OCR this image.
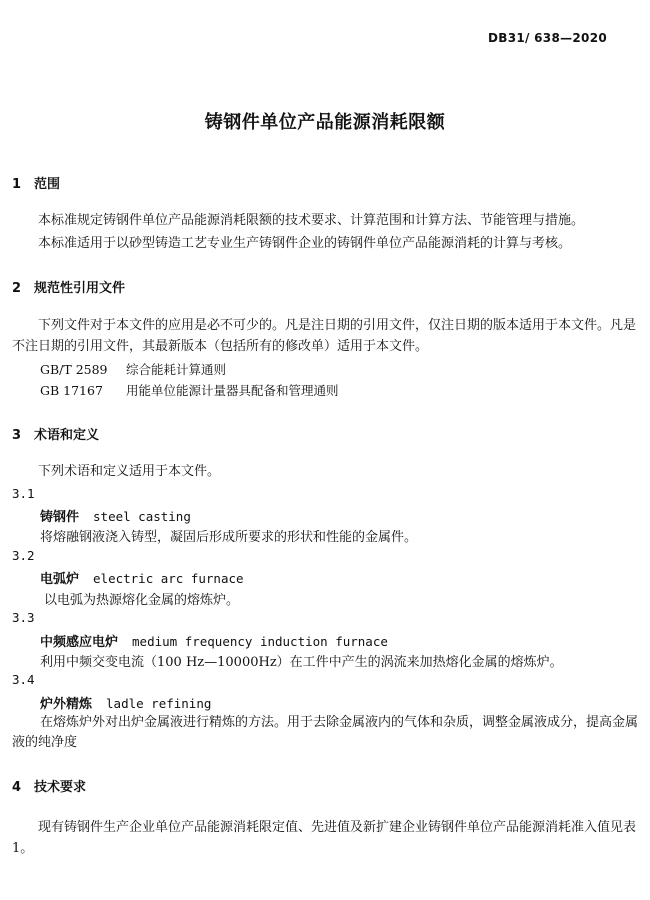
DB31/ 638—2020
铸钢件单位产品能源消耗限额
1 范围
本标准规定铸钢件单位产品能源消耗限额的技术要求、计算范围和计算方法、节能管理与措施。
本标准适用于以砂型铸造工艺专业生产铸钢件企业的铸钢件单位产品能源消耗的计算与考核。
2 规范性引用文件
下列文件对于本文件的应用是必不可少的。凡是注日期的引用文件，仅注日期的版本适用于本文件。凡是不注日期的引用文件，其最新版本（包括所有的修改单）适用于本文件。
GB/T 2589 综合能耗计算通则
GB 17167 用能单位能源计量器具配备和管理通则
3 术语和定义
下列术语和定义适用于本文件。
3.1
铸钢件 steel casting
将熔融钢液浇入铸型，凝固后形成所要求的形状和性能的金属件。
3.2
电弧炉 electric arc furnace
以电弧为热源熔化金属的熔炼炉。
3.3
中频感应电炉 medium frequency induction furnace
利用中频交变电流（100 Hz—10000Hz）在工件中产生的涡流来加热熔化金属的熔炼炉。
3.4
炉外精炼 ladle refining
在熔炼炉外对出炉金属液进行精炼的方法。用于去除金属液内的气体和杂质，调整金属液成分，提高金属液的纯净度
4 技术要求
现有铸钢件生产企业单位产品能源消耗限定值、先进值及新扩建企业铸钢件单位产品能源消耗准入值见表 1。
